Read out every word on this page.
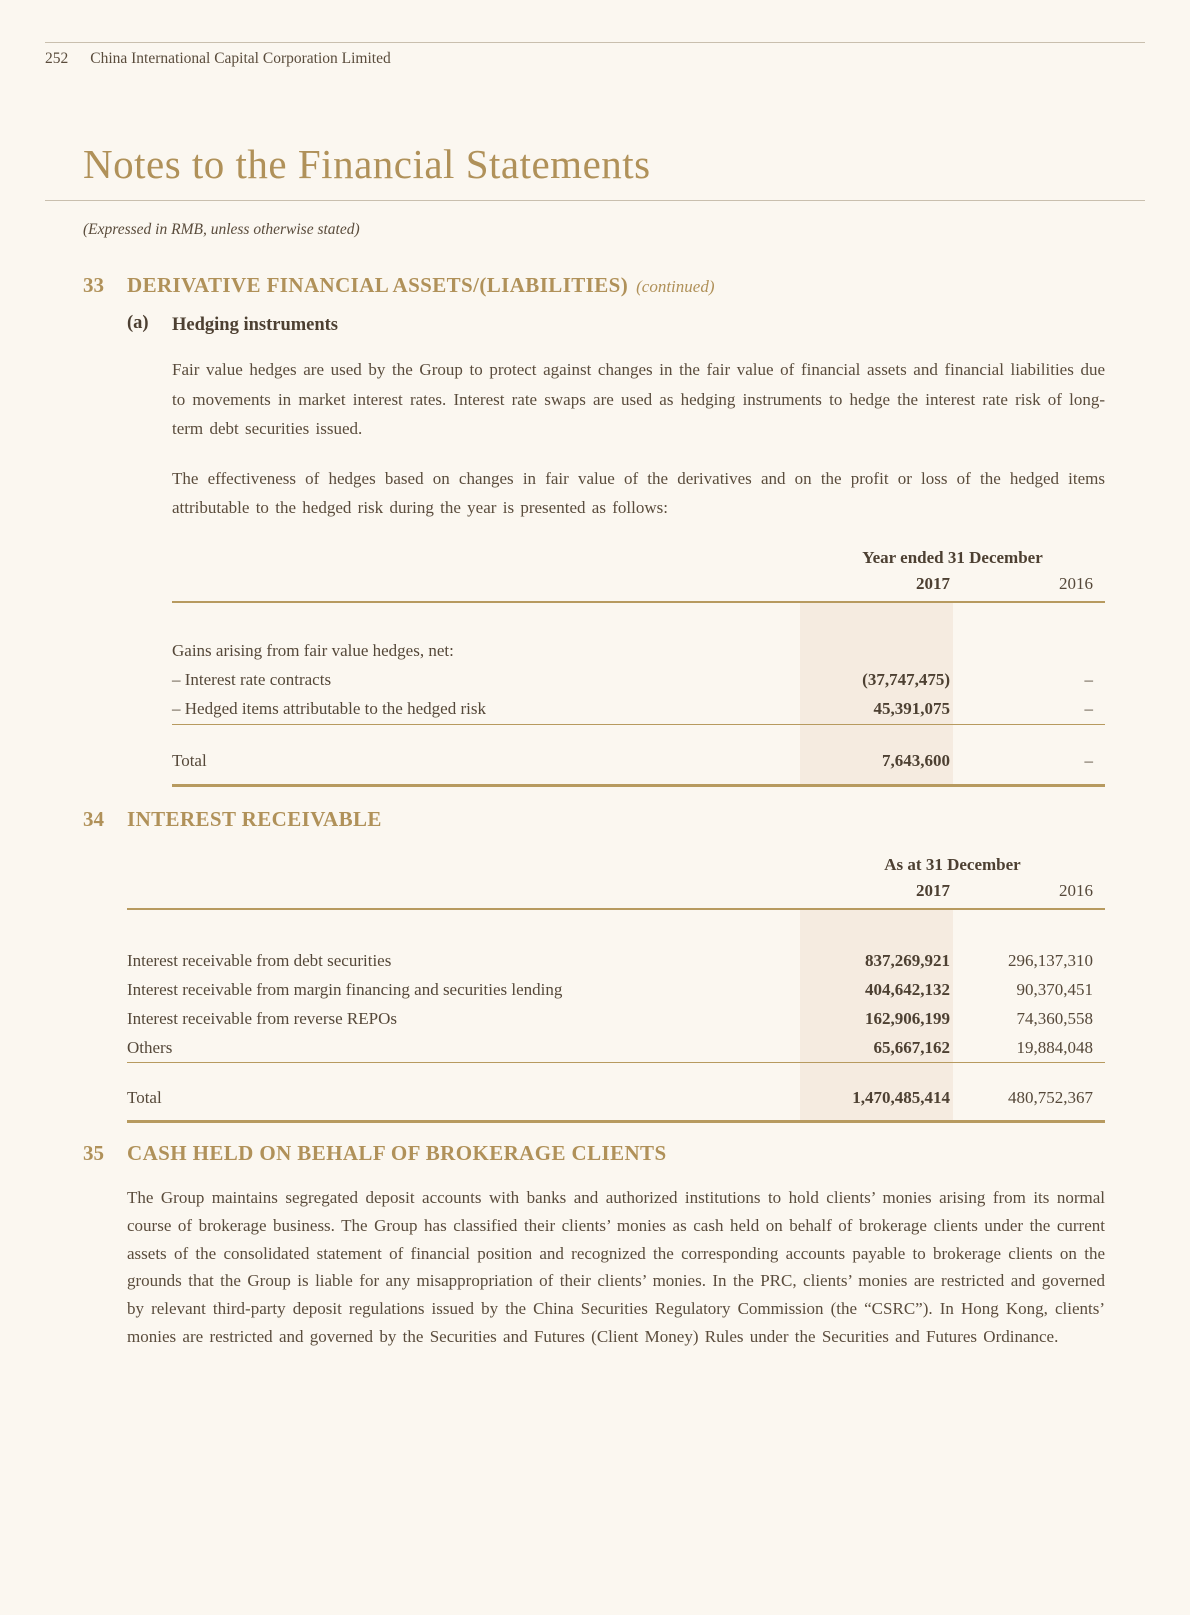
252 China International Capital Corporation Limited
Notes to the Financial Statements
(Expressed in RMB, unless otherwise stated)
33	DERIVATIVE FINANCIAL ASSETS/(LIABILITIES) (continued)
(a)	Hedging instruments

Fair value hedges are used by the Group to protect against changes in the fair value of financial assets and financial liabilities due to movements in market interest rates. Interest rate swaps are used as hedging instruments to hedge the interest rate risk of long-term debt securities issued.

The effectiveness of hedges based on changes in fair value of the derivatives and on the profit or loss of the hedged items attributable to the hedged risk during the year is presented as follows:

Year ended 31 December
2017	2016
Gains arising from fair value hedges, net:
– Interest rate contracts	(37,747,475)	–
– Hedged items attributable to the hedged risk	45,391,075	–
Total	7,643,600	–
34	INTEREST RECEIVABLE
As at 31 December
2017	2016
Interest receivable from debt securities	837,269,921	296,137,310
Interest receivable from margin financing and securities lending	404,642,132	90,370,451
Interest receivable from reverse REPOs	162,906,199	74,360,558
Others	65,667,162	19,884,048
Total	1,470,485,414	480,752,367
35	CASH HELD ON BEHALF OF BROKERAGE CLIENTS

The Group maintains segregated deposit accounts with banks and authorized institutions to hold clients’ monies arising from its normal course of brokerage business. The Group has classified their clients’ monies as cash held on behalf of brokerage clients under the current assets of the consolidated statement of financial position and recognized the corresponding accounts payable to brokerage clients on the grounds that the Group is liable for any misappropriation of their clients’ monies. In the PRC, clients’ monies are restricted and governed by relevant third-party deposit regulations issued by the China Securities Regulatory Commission (the “CSRC”). In Hong Kong, clients’ monies are restricted and governed by the Securities and Futures (Client Money) Rules under the Securities and Futures Ordinance.
